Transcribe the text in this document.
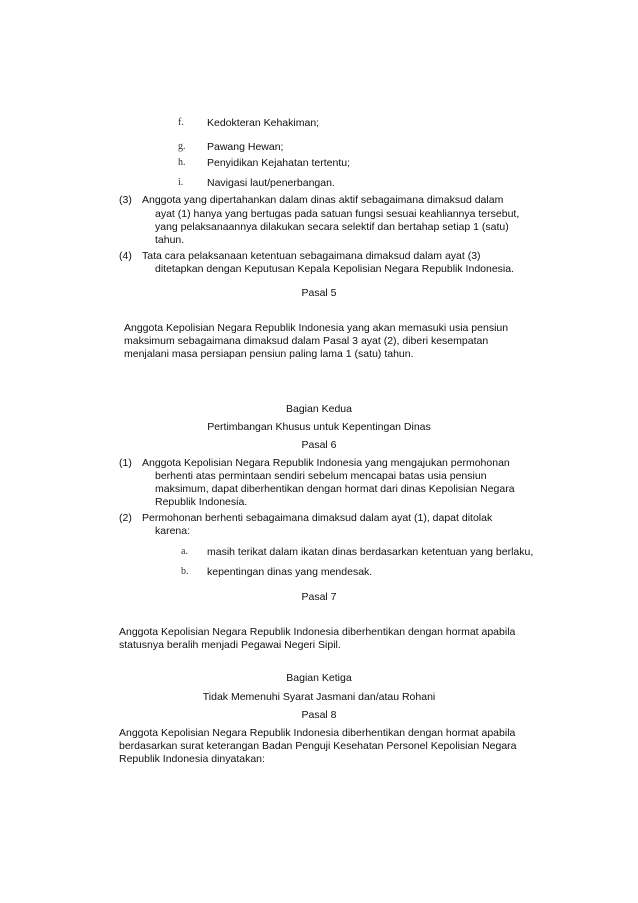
f. Kedokteran Kehakiman;
g. Pawang Hewan;
h. Penyidikan Kejahatan tertentu;
i. Navigasi laut/penerbangan.
(3) Anggota yang dipertahankan dalam dinas aktif sebagaimana dimaksud dalam
ayat (1) hanya yang bertugas pada satuan fungsi sesuai keahliannya tersebut,
yang pelaksanaannya dilakukan secara selektif dan bertahap setiap 1 (satu)
tahun.
(4) Tata cara pelaksanaan ketentuan sebagaimana dimaksud dalam ayat (3)
ditetapkan dengan Keputusan Kepala Kepolisian Negara Republik Indonesia.
Pasal 5
Anggota Kepolisian Negara Republik Indonesia yang akan memasuki usia pensiun
maksimum sebagaimana dimaksud dalam Pasal 3 ayat (2), diberi kesempatan
menjalani masa persiapan pensiun paling lama 1 (satu) tahun.
Bagian Kedua
Pertimbangan Khusus untuk Kepentingan Dinas
Pasal 6
(1) Anggota Kepolisian Negara Republik Indonesia yang mengajukan permohonan
berhenti atas permintaan sendiri sebelum mencapai batas usia pensiun
maksimum, dapat diberhentikan dengan hormat dari dinas Kepolisian Negara
Republik Indonesia.
(2) Permohonan berhenti sebagaimana dimaksud dalam ayat (1), dapat ditolak
karena:
a. masih terikat dalam ikatan dinas berdasarkan ketentuan yang berlaku,
b. kepentingan dinas yang mendesak.
Pasal 7
Anggota Kepolisian Negara Republik Indonesia diberhentikan dengan hormat apabila
statusnya beralih menjadi Pegawai Negeri Sipil.
Bagian Ketiga
Tidak Memenuhi Syarat Jasmani dan/atau Rohani
Pasal 8
Anggota Kepolisian Negara Republik Indonesia diberhentikan dengan hormat apabila
berdasarkan surat keterangan Badan Penguji Kesehatan Personel Kepolisian Negara
Republik Indonesia dinyatakan:
